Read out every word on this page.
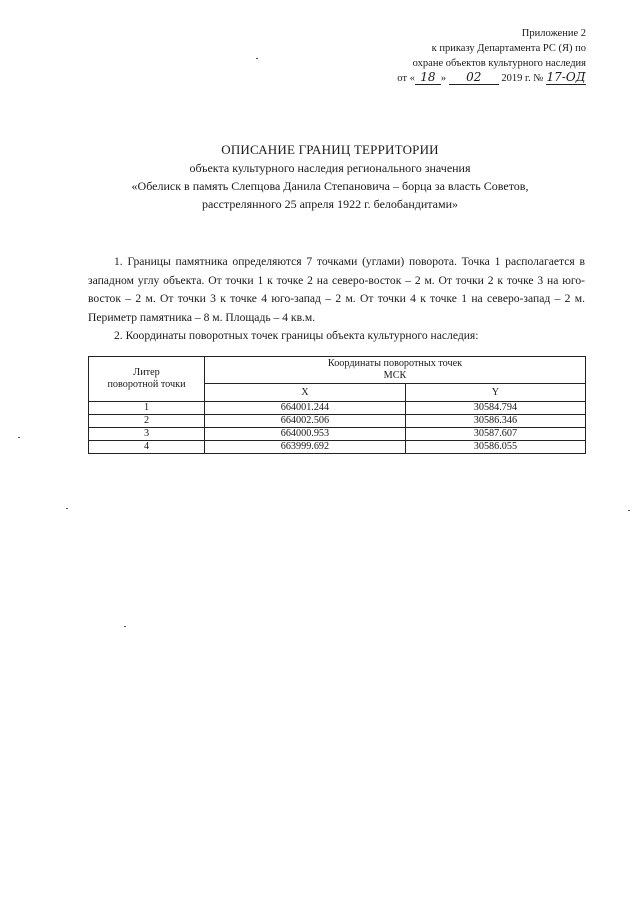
Приложение 2
к приказу Департамента РС (Я) по
охране объектов культурного наследия
от « 18 » 02 2019 г. № 17-ОД
ОПИСАНИЕ ГРАНИЦ ТЕРРИТОРИИ
объекта культурного наследия регионального значения
«Обелиск в память Слепцова Данила Степановича – борца за власть Советов,
расстрелянного 25 апреля 1922 г. белобандитами»
1. Границы памятника определяются 7 точками (углами) поворота. Точка 1 располагается в западном углу объекта. От точки 1 к точке 2 на северо-восток – 2 м. От точки 2 к точке 3 на юго-восток – 2 м. От точки 3 к точке 4 юго-запад – 2 м. От точки 4 к точке 1 на северо-запад – 2 м. Периметр памятника – 8 м. Площадь – 4 кв.м.
2. Координаты поворотных точек границы объекта культурного наследия:
Литер
поворотной точки	Координаты поворотных точек
МСК	
	X	Y
1	664001.244	30584.794
2	664002.506	30586.346
3	664000.953	30587.607
4	663999.692	30586.055
